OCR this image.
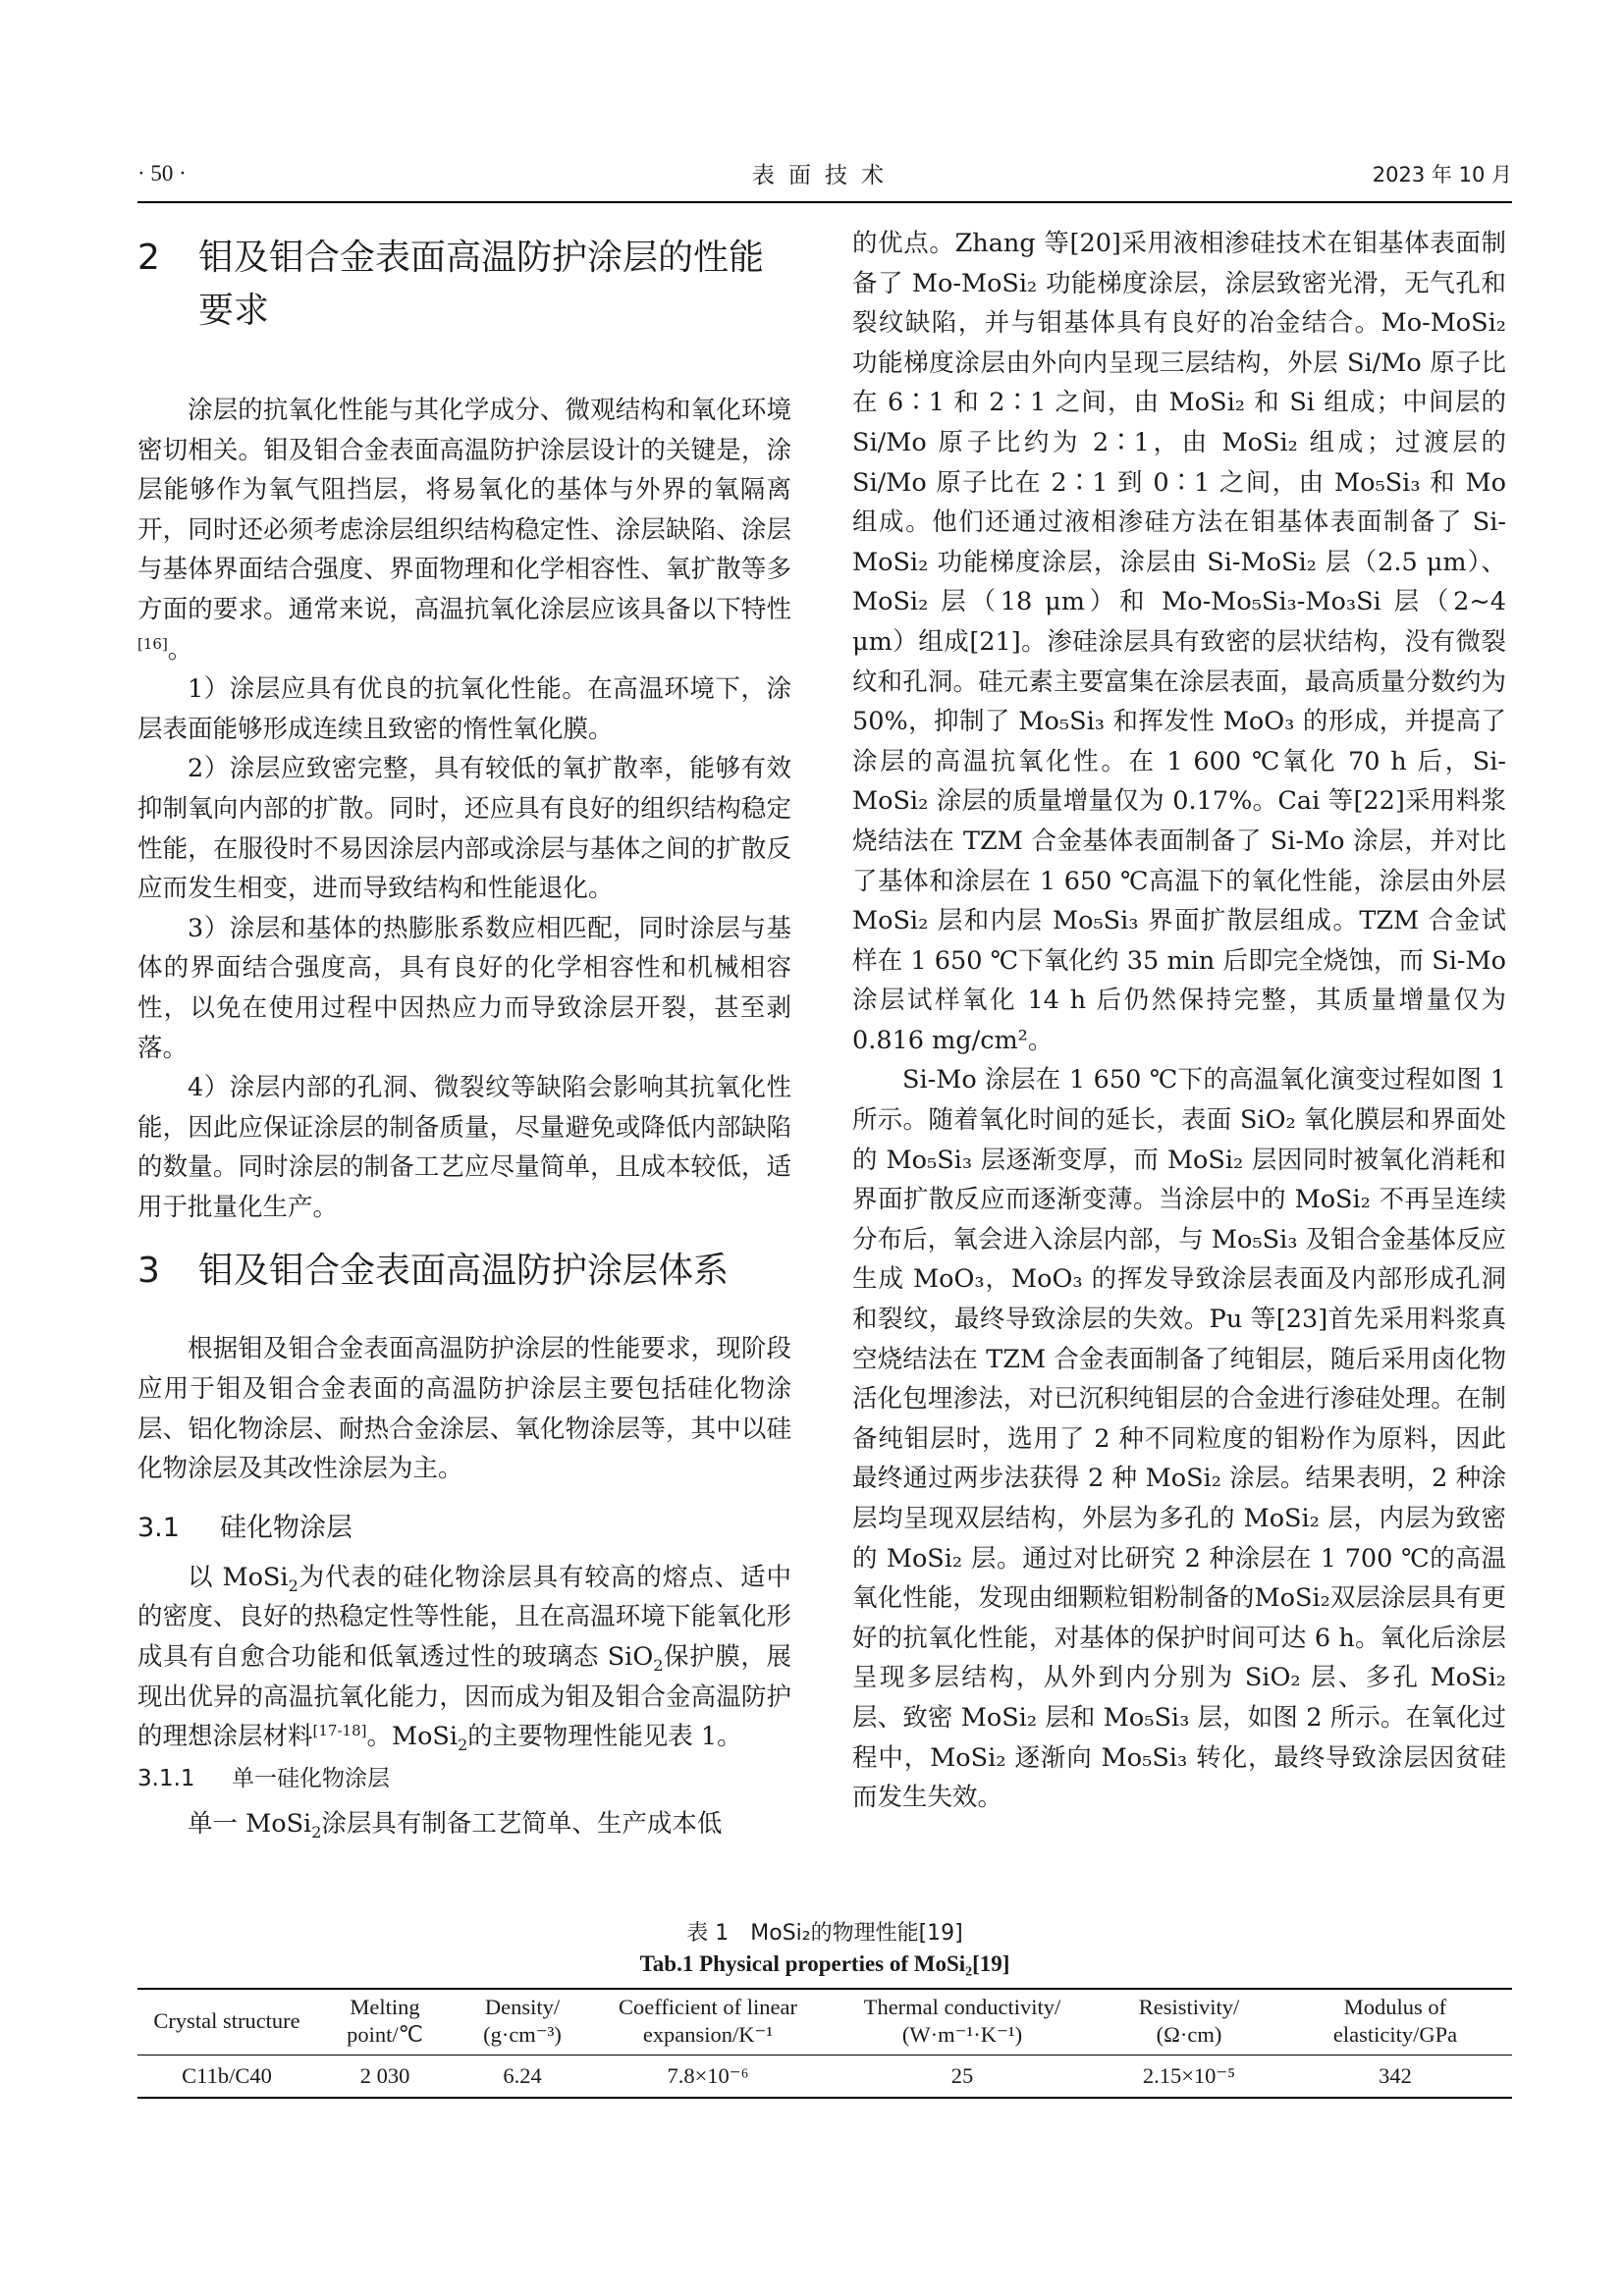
· 50 ·	表面技术	2023 年 10 月
2 钼及钼合金表面高温防护涂层的性能要求

涂层的抗氧化性能与其化学成分、微观结构和氧化环境密切相关。钼及钼合金表面高温防护涂层设计的关键是，涂层能够作为氧气阻挡层，将易氧化的基体与外界的氧隔离开，同时还必须考虑涂层组织结构稳定性、涂层缺陷、涂层与基体界面结合强度、界面物理和化学相容性、氧扩散等多方面的要求。通常来说，高温抗氧化涂层应该具备以下特性[16]。

1）涂层应具有优良的抗氧化性能。在高温环境下，涂层表面能够形成连续且致密的惰性氧化膜。

2）涂层应致密完整，具有较低的氧扩散率，能够有效抑制氧向内部的扩散。同时，还应具有良好的组织结构稳定性能，在服役时不易因涂层内部或涂层与基体之间的扩散反应而发生相变，进而导致结构和性能退化。

3）涂层和基体的热膨胀系数应相匹配，同时涂层与基体的界面结合强度高，具有良好的化学相容性和机械相容性，以免在使用过程中因热应力而导致涂层开裂，甚至剥落。

4）涂层内部的孔洞、微裂纹等缺陷会影响其抗氧化性能，因此应保证涂层的制备质量，尽量避免或降低内部缺陷的数量。同时涂层的制备工艺应尽量简单，且成本较低，适用于批量化生产。

3 钼及钼合金表面高温防护涂层体系

根据钼及钼合金表面高温防护涂层的性能要求，现阶段应用于钼及钼合金表面的高温防护涂层主要包括硅化物涂层、铝化物涂层、耐热合金涂层、氧化物涂层等，其中以硅化物涂层及其改性涂层为主。

3.1 硅化物涂层

以 MoSi$_2$为代表的硅化物涂层具有较高的熔点、适中的密度、良好的热稳定性等性能，且在高温环境下能氧化形成具有自愈合功能和低氧透过性的玻璃态 SiO$_2$保护膜，展现出优异的高温抗氧化能力，因而成为钼及钼合金高温防护的理想涂层材料[17-18]。MoSi$_2$的主要物理性能见表 1。

3.1.1 单一硅化物涂层

单一 MoSi$_2$涂层具有制备工艺简单、生产成本低

的优点。Zhang 等[20]采用液相渗硅技术在钼基体表面制备了 Mo-MoSi₂ 功能梯度涂层，涂层致密光滑，无气孔和裂纹缺陷，并与钼基体具有良好的冶金结合。Mo-MoSi₂ 功能梯度涂层由外向内呈现三层结构，外层 Si/Mo 原子比在 6∶1 和 2∶1 之间，由 MoSi₂ 和 Si 组成；中间层的 Si/Mo 原子比约为 2∶1，由 MoSi₂ 组成；过渡层的 Si/Mo 原子比在 2∶1 到 0∶1 之间，由 Mo₅Si₃ 和 Mo 组成。他们还通过液相渗硅方法在钼基体表面制备了 Si-MoSi₂ 功能梯度涂层，涂层由 Si-MoSi₂ 层（2.5 μm）、MoSi₂ 层（18 μm）和 Mo-Mo₅Si₃-Mo₃Si 层（2~4 μm）组成[21]。渗硅涂层具有致密的层状结构，没有微裂纹和孔洞。硅元素主要富集在涂层表面，最高质量分数约为 50%，抑制了 Mo₅Si₃ 和挥发性 MoO₃ 的形成，并提高了涂层的高温抗氧化性。在 1 600 ℃氧化 70 h 后，Si-MoSi₂ 涂层的质量增量仅为 0.17%。Cai 等[22]采用料浆烧结法在 TZM 合金基体表面制备了 Si-Mo 涂层，并对比了基体和涂层在 1 650 ℃高温下的氧化性能，涂层由外层 MoSi₂ 层和内层 Mo₅Si₃ 界面扩散层组成。TZM 合金试样在 1 650 ℃下氧化约 35 min 后即完全烧蚀，而 Si-Mo 涂层试样氧化 14 h 后仍然保持完整，其质量增量仅为 0.816 mg/cm²。

Si-Mo 涂层在 1 650 ℃下的高温氧化演变过程如图 1 所示。随着氧化时间的延长，表面 SiO₂ 氧化膜层和界面处的 Mo₅Si₃ 层逐渐变厚，而 MoSi₂ 层因同时被氧化消耗和界面扩散反应而逐渐变薄。当涂层中的 MoSi₂ 不再呈连续分布后，氧会进入涂层内部，与 Mo₅Si₃ 及钼合金基体反应生成 MoO₃，MoO₃ 的挥发导致涂层表面及内部形成孔洞和裂纹，最终导致涂层的失效。Pu 等[23]首先采用料浆真空烧结法在 TZM 合金表面制备了纯钼层，随后采用卤化物活化包埋渗法，对已沉积纯钼层的合金进行渗硅处理。在制备纯钼层时，选用了 2 种不同粒度的钼粉作为原料，因此最终通过两步法获得 2 种 MoSi₂ 涂层。结果表明，2 种涂层均呈现双层结构，外层为多孔的 MoSi₂ 层，内层为致密的 MoSi₂ 层。通过对比研究 2 种涂层在 1 700 ℃的高温氧化性能，发现由细颗粒钼粉制备的MoSi₂双层涂层具有更好的抗氧化性能，对基体的保护时间可达 6 h。氧化后涂层呈现多层结构，从外到内分别为 SiO₂ 层、多孔 MoSi₂ 层、致密 MoSi₂ 层和 Mo₅Si₃ 层，如图 2 所示。在氧化过程中，MoSi₂ 逐渐向 Mo₅Si₃ 转化，最终导致涂层因贫硅而发生失效。

表 1 MoSi₂的物理性能[19]
Tab.1 Physical properties of MoSi₂[19]
Crystal structure	Melting point/℃	Density/ (g·cm⁻³)	Coefficient of linear expansion/K⁻¹	Thermal conductivity/ (W·m⁻¹·K⁻¹)	Resistivity/ (Ω·cm)	Modulus of elasticity/GPa
C11b/C40	2 030	6.24	7.8×10⁻⁶	25	2.15×10⁻⁵	342
